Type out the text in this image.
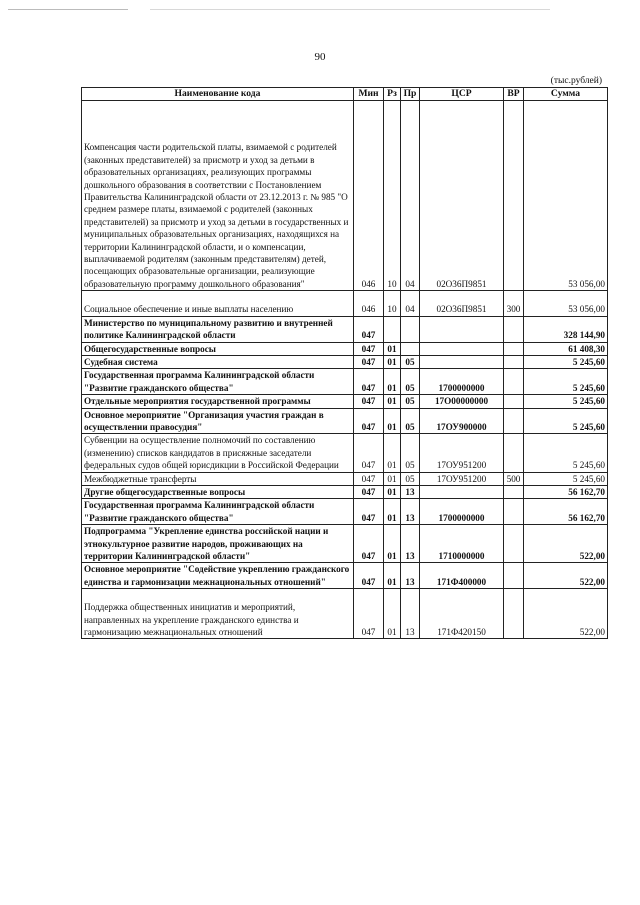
90
(тыс.рублей)
Наименование кода	Мин	Рз	Пр	ЦСР	ВР	Сумма

Компенсация части родительской платы, взимаемой с родителей (законных представителей) за присмотр и уход за детьми в образовательных организациях, реализующих программы дошкольного образования в соответствии с Постановлением Правительства Калининградской области от 23.12.2013 г. № 985 "О среднем размере платы, взимаемой с родителей (законных представителей) за присмотр и уход за детьми в государственных и муниципальных образовательных организациях, находящихся на территории Калининградской области, и о компенсации, выплачиваемой родителям (законным представителям) детей, посещающих образовательные организации, реализующие образовательную программу дошкольного образования"	046	10	04	02О36П9851		53 056,00

Социальное обеспечение и иные выплаты населению	046	10	04	02О36П9851	300	53 056,00
Министерство по муниципальному развитию и внутренней политике Калининградской области	047					328 144,90
Общегосударственные вопросы	047	01				61 408,30
Судебная система	047	01	05			5 245,60
Государственная программа Калининградской области "Развитие гражданского общества"	047	01	05	1700000000		5 245,60
Отдельные мероприятия государственной программы	047	01	05	17О00000000		5 245,60
Основное мероприятие "Организация участия граждан в осуществлении правосудия"	047	01	05	17ОУ900000		5 245,60
Субвенции на осуществление полномочий по составлению (изменению) списков кандидатов в присяжные заседатели федеральных судов общей юрисдикции в Российской Федерации	047	01	05	17ОУ951200		5 245,60
Межбюджетные трансферты	047	01	05	17ОУ951200	500	5 245,60
Другие общегосударственные вопросы	047	01	13			56 162,70
Государственная программа Калининградской области "Развитие гражданского общества"	047	01	13	1700000000		56 162,70
Подпрограмма "Укрепление единства российской нации и этнокультурное развитие народов, проживающих на территории Калининградской области"	047	01	13	1710000000		522,00
Основное мероприятие "Содействие укреплению гражданского единства и гармонизации межнациональных отношений"	047	01	13	171Ф400000		522,00

Поддержка общественных инициатив и мероприятий, направленных на укрепление гражданского единства и гармонизацию межнациональных отношений	047	01	13	171Ф420150		522,00
